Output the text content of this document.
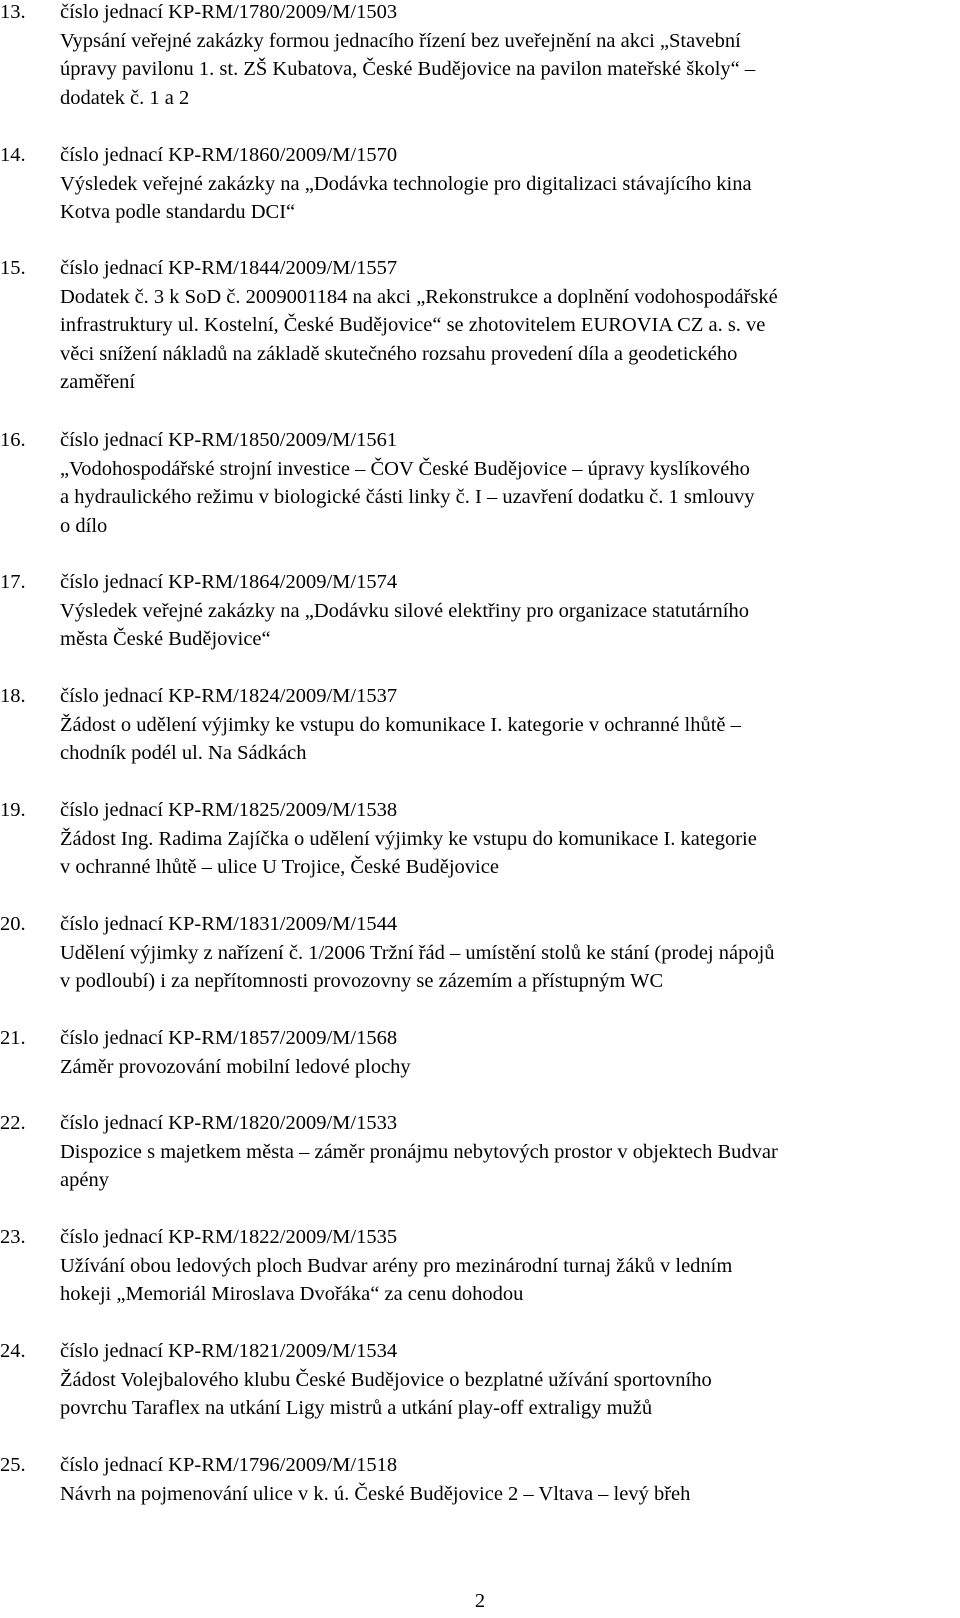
13.	číslo jednací KP-RM/1780/2009/M/1503
Vypsání veřejné zakázky formou jednacího řízení bez uveřejnění na akci „Stavební
úpravy pavilonu 1. st. ZŠ Kubatova, České Budějovice na pavilon mateřské školy“ –
dodatek č. 1 a 2
14.	číslo jednací KP-RM/1860/2009/M/1570
Výsledek veřejné zakázky na „Dodávka technologie pro digitalizaci stávajícího kina
Kotva podle standardu DCI“
15.	číslo jednací KP-RM/1844/2009/M/1557
Dodatek č. 3 k SoD č. 2009001184 na akci „Rekonstrukce a doplnění vodohospodářské
infrastruktury ul. Kostelní, České Budějovice“ se zhotovitelem EUROVIA CZ a. s. ve
věci snížení nákladů na základě skutečného rozsahu provedení díla a geodetického
zaměření
16.	číslo jednací KP-RM/1850/2009/M/1561
„Vodohospodářské strojní investice – ČOV České Budějovice – úpravy kyslíkového
a hydraulického režimu v biologické části linky č. I – uzavření dodatku č. 1 smlouvy
o dílo
17.	číslo jednací KP-RM/1864/2009/M/1574
Výsledek veřejné zakázky na „Dodávku silové elektřiny pro organizace statutárního
města České Budějovice“
18.	číslo jednací KP-RM/1824/2009/M/1537
Žádost o udělení výjimky ke vstupu do komunikace I. kategorie v ochranné lhůtě –
chodník podél ul. Na Sádkách
19.	číslo jednací KP-RM/1825/2009/M/1538
Žádost Ing. Radima Zajíčka o udělení výjimky ke vstupu do komunikace I. kategorie
v ochranné lhůtě – ulice U Trojice, České Budějovice
20.	číslo jednací KP-RM/1831/2009/M/1544
Udělení výjimky z nařízení č. 1/2006 Tržní řád – umístění stolů ke stání (prodej nápojů
v podloubí) i za nepřítomnosti provozovny se zázemím a přístupným WC
21.	číslo jednací KP-RM/1857/2009/M/1568
Záměr provozování mobilní ledové plochy
22.	číslo jednací KP-RM/1820/2009/M/1533
Dispozice s majetkem města – záměr pronájmu nebytových prostor v objektech Budvar
арény
23.	číslo jednací KP-RM/1822/2009/M/1535
Užívání obou ledových ploch Budvar arény pro mezinárodní turnaj žáků v ledním
hokeji „Memoriál Miroslava Dvořáka“ za cenu dohodou
24.	číslo jednací KP-RM/1821/2009/M/1534
Žádost Volejbalového klubu České Budějovice o bezplatné užívání sportovního
povrchu Taraflex na utkání Ligy mistrů a utkání play-off extraligy mužů
25.	číslo jednací KP-RM/1796/2009/M/1518
Návrh na pojmenování ulice v k. ú. České Budějovice 2 – Vltava – levý břeh
2
